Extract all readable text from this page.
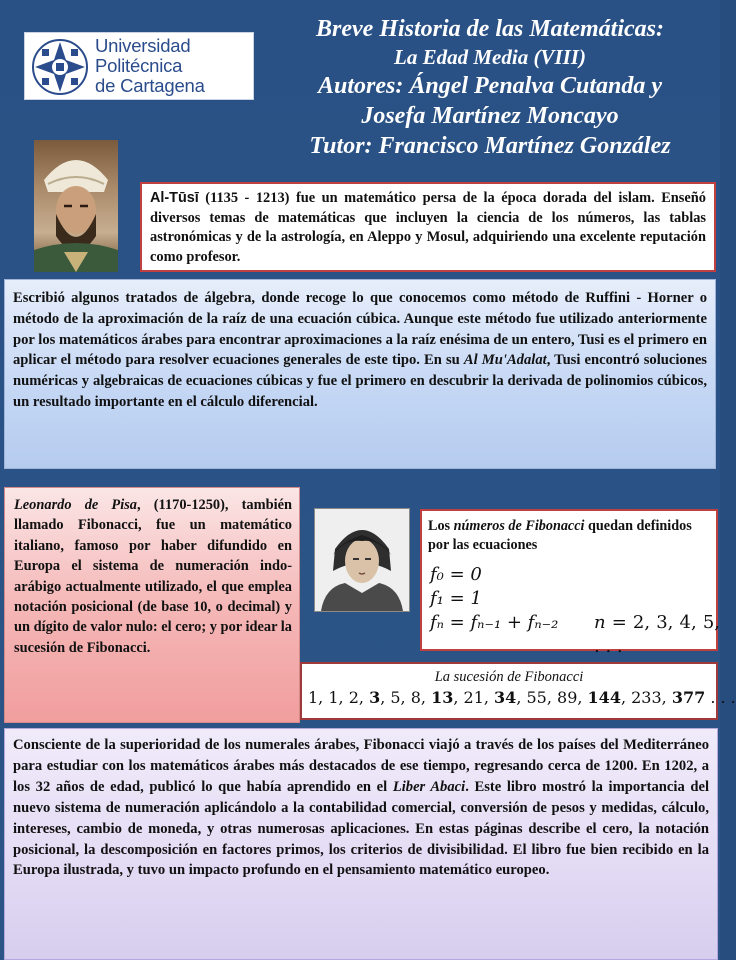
Universidad
Politécnica
de Cartagena
Breve Historia de las Matemáticas:
La Edad Media (VIII)
Autores: Ángel Penalva Cutanda y
Josefa Martínez Moncayo
Tutor: Francisco Martínez González
Al-Tūsī (1135 - 1213) fue un matemático persa de la época dorada del islam. Enseñó diversos temas de matemáticas que incluyen la ciencia de los números, las tablas astronómicas y de la astrología, en Aleppo y Mosul, adquiriendo una excelente reputación como profesor.
Escribió algunos tratados de álgebra, donde recoge lo que conocemos como método de Ruffini - Horner o método de la aproximación de la raíz de una ecuación cúbica. Aunque este método fue utilizado anteriormente por los matemáticos árabes para encontrar aproximaciones a la raíz enésima de un entero, Tusi es el primero en aplicar el método para resolver ecuaciones generales de este tipo. En su Al Mu'Adalat, Tusi encontró soluciones numéricas y algebraicas de ecuaciones cúbicas y fue el primero en descubrir la derivada de polinomios cúbicos, un resultado importante en el cálculo diferencial.
Leonardo de Pisa, (1170-1250), también llamado Fibonacci, fue un matemático italiano, famoso por haber difundido en Europa el sistema de numeración indo-arábigo actualmente utilizado, el que emplea notación posicional (de base 10, o decimal) y un dígito de valor nulo: el cero; y por idear la sucesión de Fibonacci.
Los números de Fibonacci quedan definidos por las ecuaciones
f₀ = 0
f₁ = 1
fₙ = fₙ₋₁ + fₙ₋₂	n = 2, 3, 4, 5, . . .
La sucesión de Fibonacci
1, 1, 2, 3, 5, 8, 13, 21, 34, 55, 89, 144, 233, 377 . . .
Consciente de la superioridad de los numerales árabes, Fibonacci viajó a través de los países del Mediterráneo para estudiar con los matemáticos árabes más destacados de ese tiempo, regresando cerca de 1200. En 1202, a los 32 años de edad, publicó lo que había aprendido en el Liber Abaci. Este libro mostró la importancia del nuevo sistema de numeración aplicándolo a la contabilidad comercial, conversión de pesos y medidas, cálculo, intereses, cambio de moneda, y otras numerosas aplicaciones. En estas páginas describe el cero, la notación posicional, la descomposición en factores primos, los criterios de divisibilidad. El libro fue bien recibido en la Europa ilustrada, y tuvo un impacto profundo en el pensamiento matemático europeo.
